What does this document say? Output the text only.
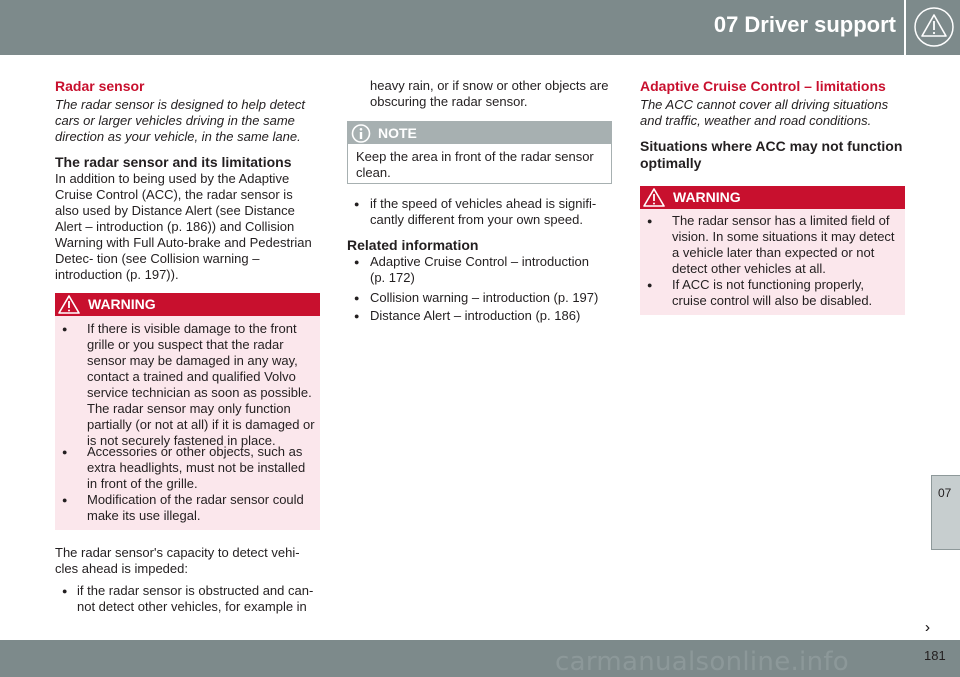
07 Driver support
Radar sensor
The radar sensor is designed to help detect cars or larger vehicles driving in the same direction as your vehicle, in the same lane.
The radar sensor and its limitations
In addition to being used by the Adaptive Cruise Control (ACC), the radar sensor is also used by Distance Alert (see Distance Alert – introduction (p. 186)) and Collision Warning with Full Auto-brake and Pedestrian Detec- tion (see Collision warning – introduction (p. 197)).
WARNING
● If there is visible damage to the front grille or you suspect that the radar sensor may be damaged in any way, contact a trained and qualified Volvo service technician as soon as possible. The radar sensor may only function partially (or not at all) if it is damaged or is not securely fastened in place.
● Accessories or other objects, such as extra headlights, must not be installed in front of the grille.
● Modification of the radar sensor could make its use illegal.
The radar sensor's capacity to detect vehi- cles ahead is impeded:
● if the radar sensor is obstructed and can- not detect other vehicles, for example in
heavy rain, or if snow or other objects are obscuring the radar sensor.
NOTE
Keep the area in front of the radar sensor clean.
● if the speed of vehicles ahead is signifi- cantly different from your own speed.
Related information
● Adaptive Cruise Control – introduction (p. 172)
● Collision warning – introduction (p. 197)
● Distance Alert – introduction (p. 186)
Adaptive Cruise Control – limitations
The ACC cannot cover all driving situations and traffic, weather and road conditions.
Situations where ACC may not function optimally
WARNING
● The radar sensor has a limited field of vision. In some situations it may detect a vehicle later than expected or not detect other vehicles at all.
● If ACC is not functioning properly, cruise control will also be disabled.
07
carmanualsonline.info	181
